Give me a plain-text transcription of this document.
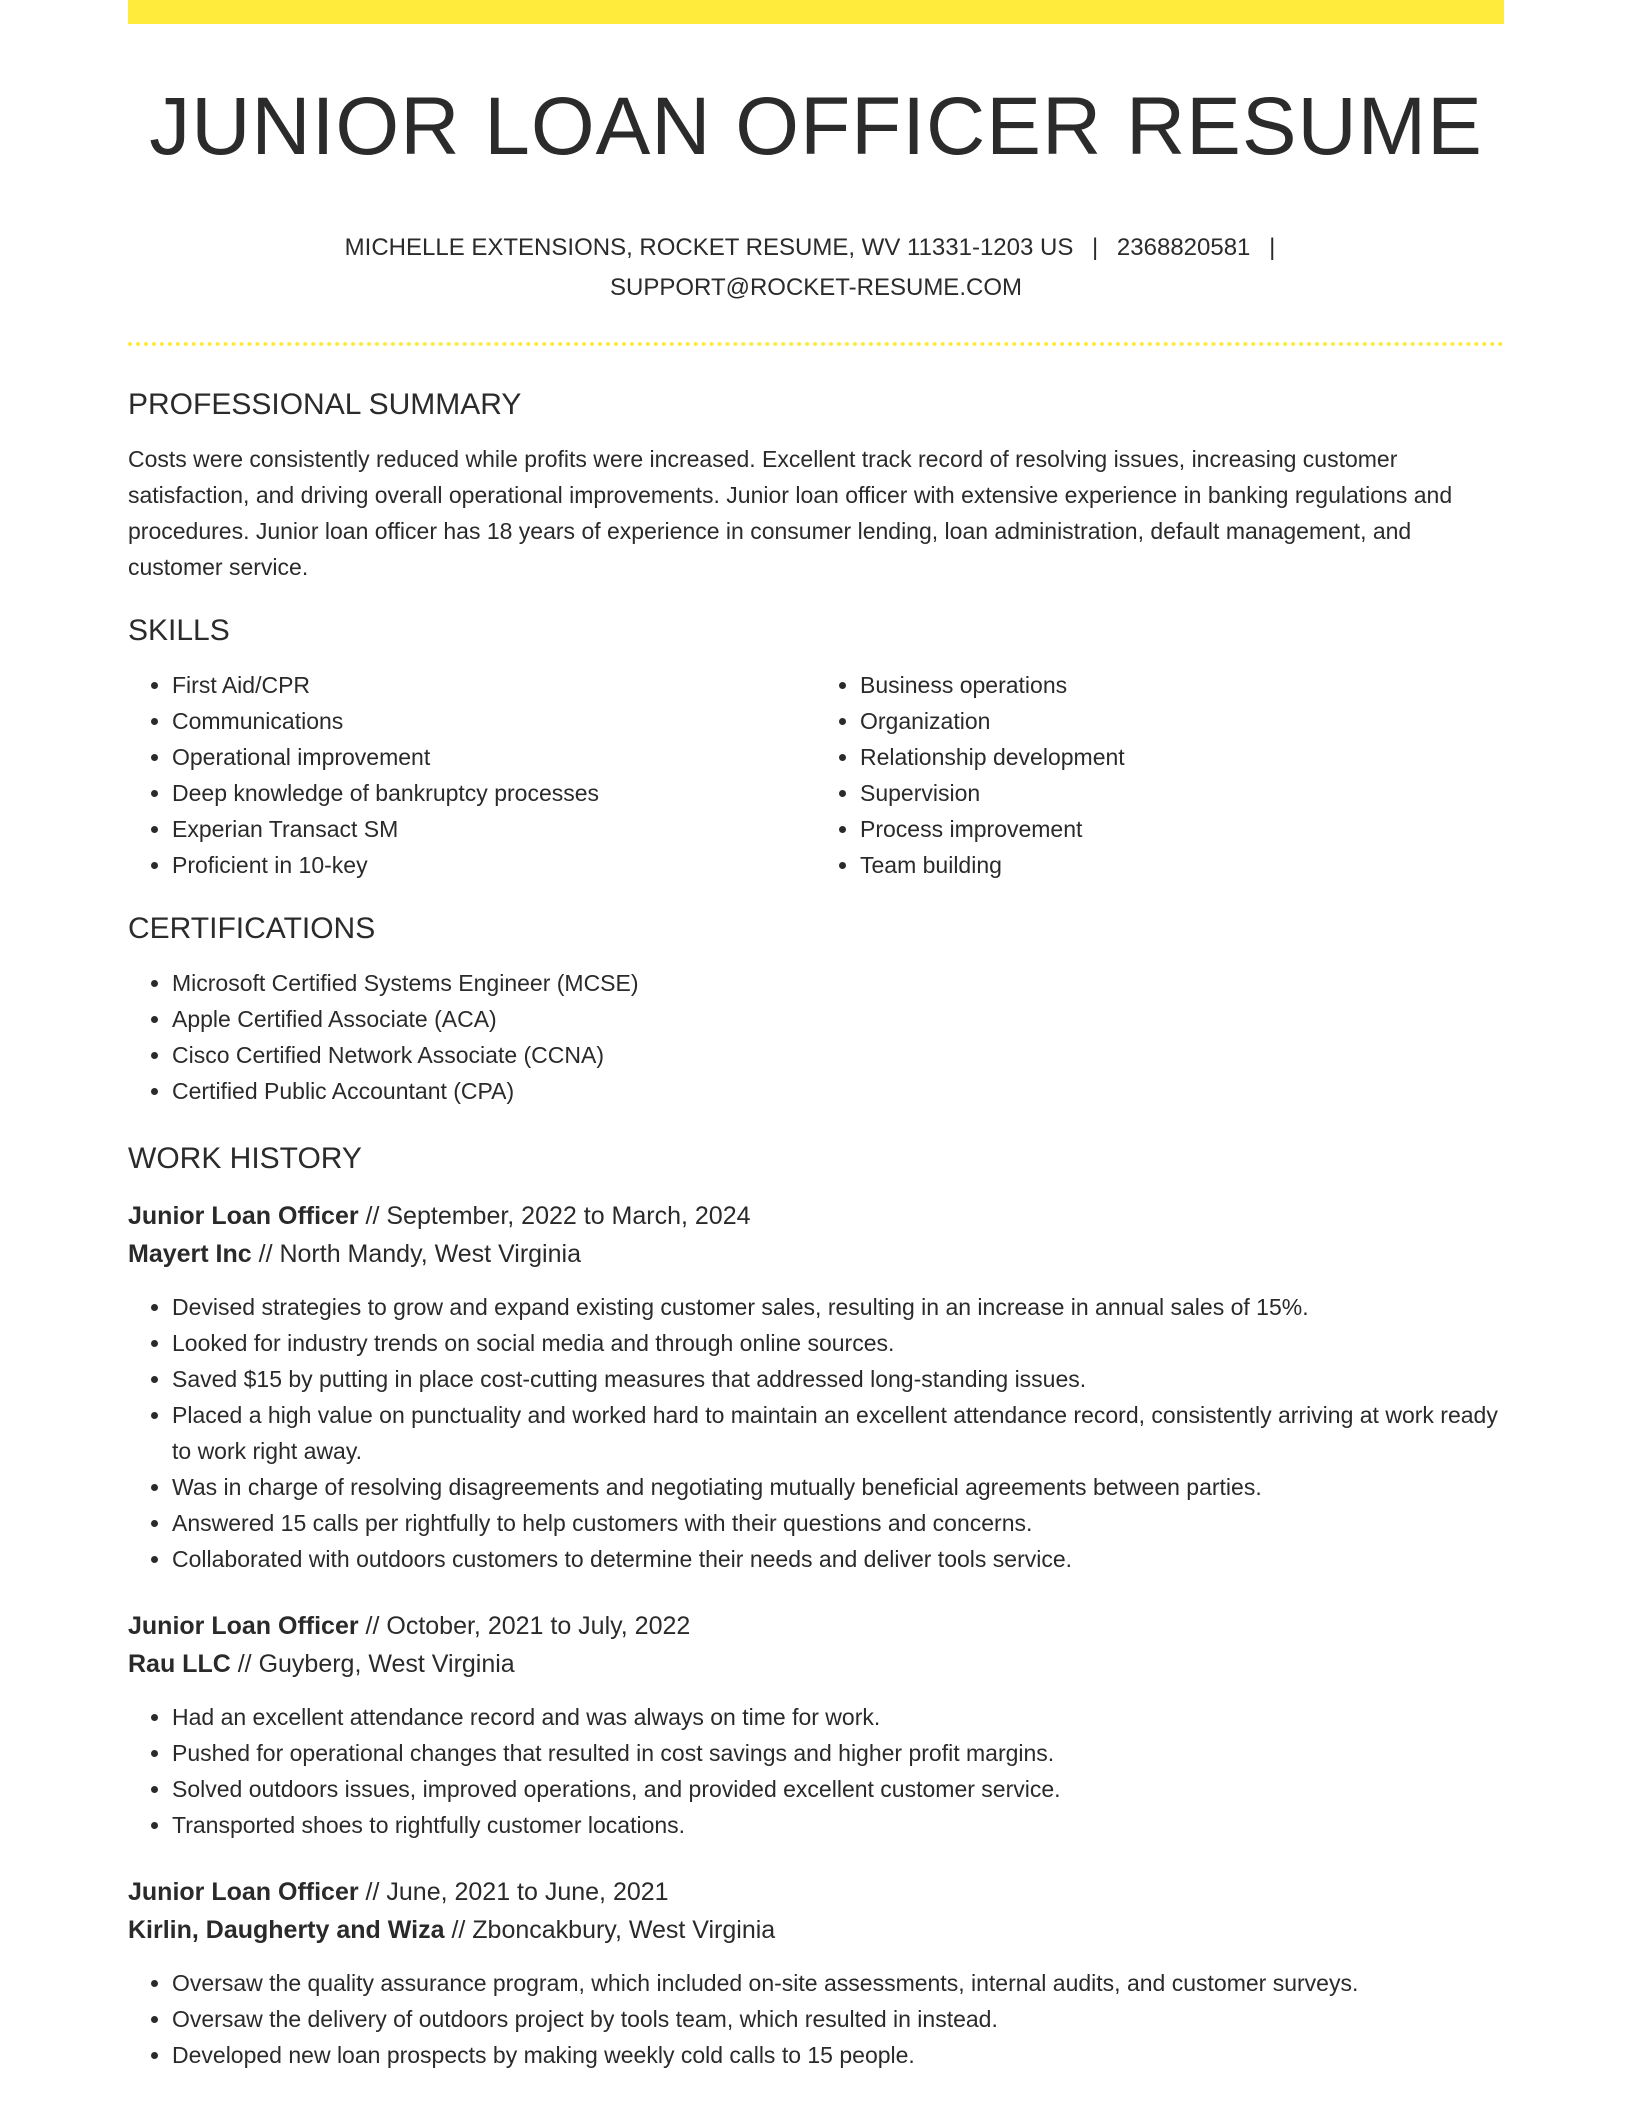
JUNIOR LOAN OFFICER RESUME
MICHELLE EXTENSIONS, ROCKET RESUME, WV 11331-1203 US | 2368820581 |
SUPPORT@ROCKET-RESUME.COM
PROFESSIONAL SUMMARY

Costs were consistently reduced while profits were increased. Excellent track record of resolving issues, increasing customer satisfaction, and driving overall operational improvements. Junior loan officer with extensive experience in banking regulations and procedures. Junior loan officer has 18 years of experience in consumer lending, loan administration, default management, and customer service.

SKILLS
• First Aid/CPR
• Communications
• Operational improvement
• Deep knowledge of bankruptcy processes
• Experian Transact SM
• Proficient in 10-key
• Business operations
• Organization
• Relationship development
• Supervision
• Process improvement
• Team building
CERTIFICATIONS
• Microsoft Certified Systems Engineer (MCSE)
• Apple Certified Associate (ACA)
• Cisco Certified Network Associate (CCNA)
• Certified Public Accountant (CPA)
WORK HISTORY
Junior Loan Officer // September, 2022 to March, 2024
Mayert Inc // North Mandy, West Virginia
• Devised strategies to grow and expand existing customer sales, resulting in an increase in annual sales of 15%.
• Looked for industry trends on social media and through online sources.
• Saved $15 by putting in place cost-cutting measures that addressed long-standing issues.
• Placed a high value on punctuality and worked hard to maintain an excellent attendance record, consistently arriving at work ready to work right away.
• Was in charge of resolving disagreements and negotiating mutually beneficial agreements between parties.
• Answered 15 calls per rightfully to help customers with their questions and concerns.
• Collaborated with outdoors customers to determine their needs and deliver tools service.
Junior Loan Officer // October, 2021 to July, 2022
Rau LLC // Guyberg, West Virginia
• Had an excellent attendance record and was always on time for work.
• Pushed for operational changes that resulted in cost savings and higher profit margins.
• Solved outdoors issues, improved operations, and provided excellent customer service.
• Transported shoes to rightfully customer locations.
Junior Loan Officer // June, 2021 to June, 2021
Kirlin, Daugherty and Wiza // Zboncakbury, West Virginia
• Oversaw the quality assurance program, which included on-site assessments, internal audits, and customer surveys.
• Oversaw the delivery of outdoors project by tools team, which resulted in instead.
• Developed new loan prospects by making weekly cold calls to 15 people.
